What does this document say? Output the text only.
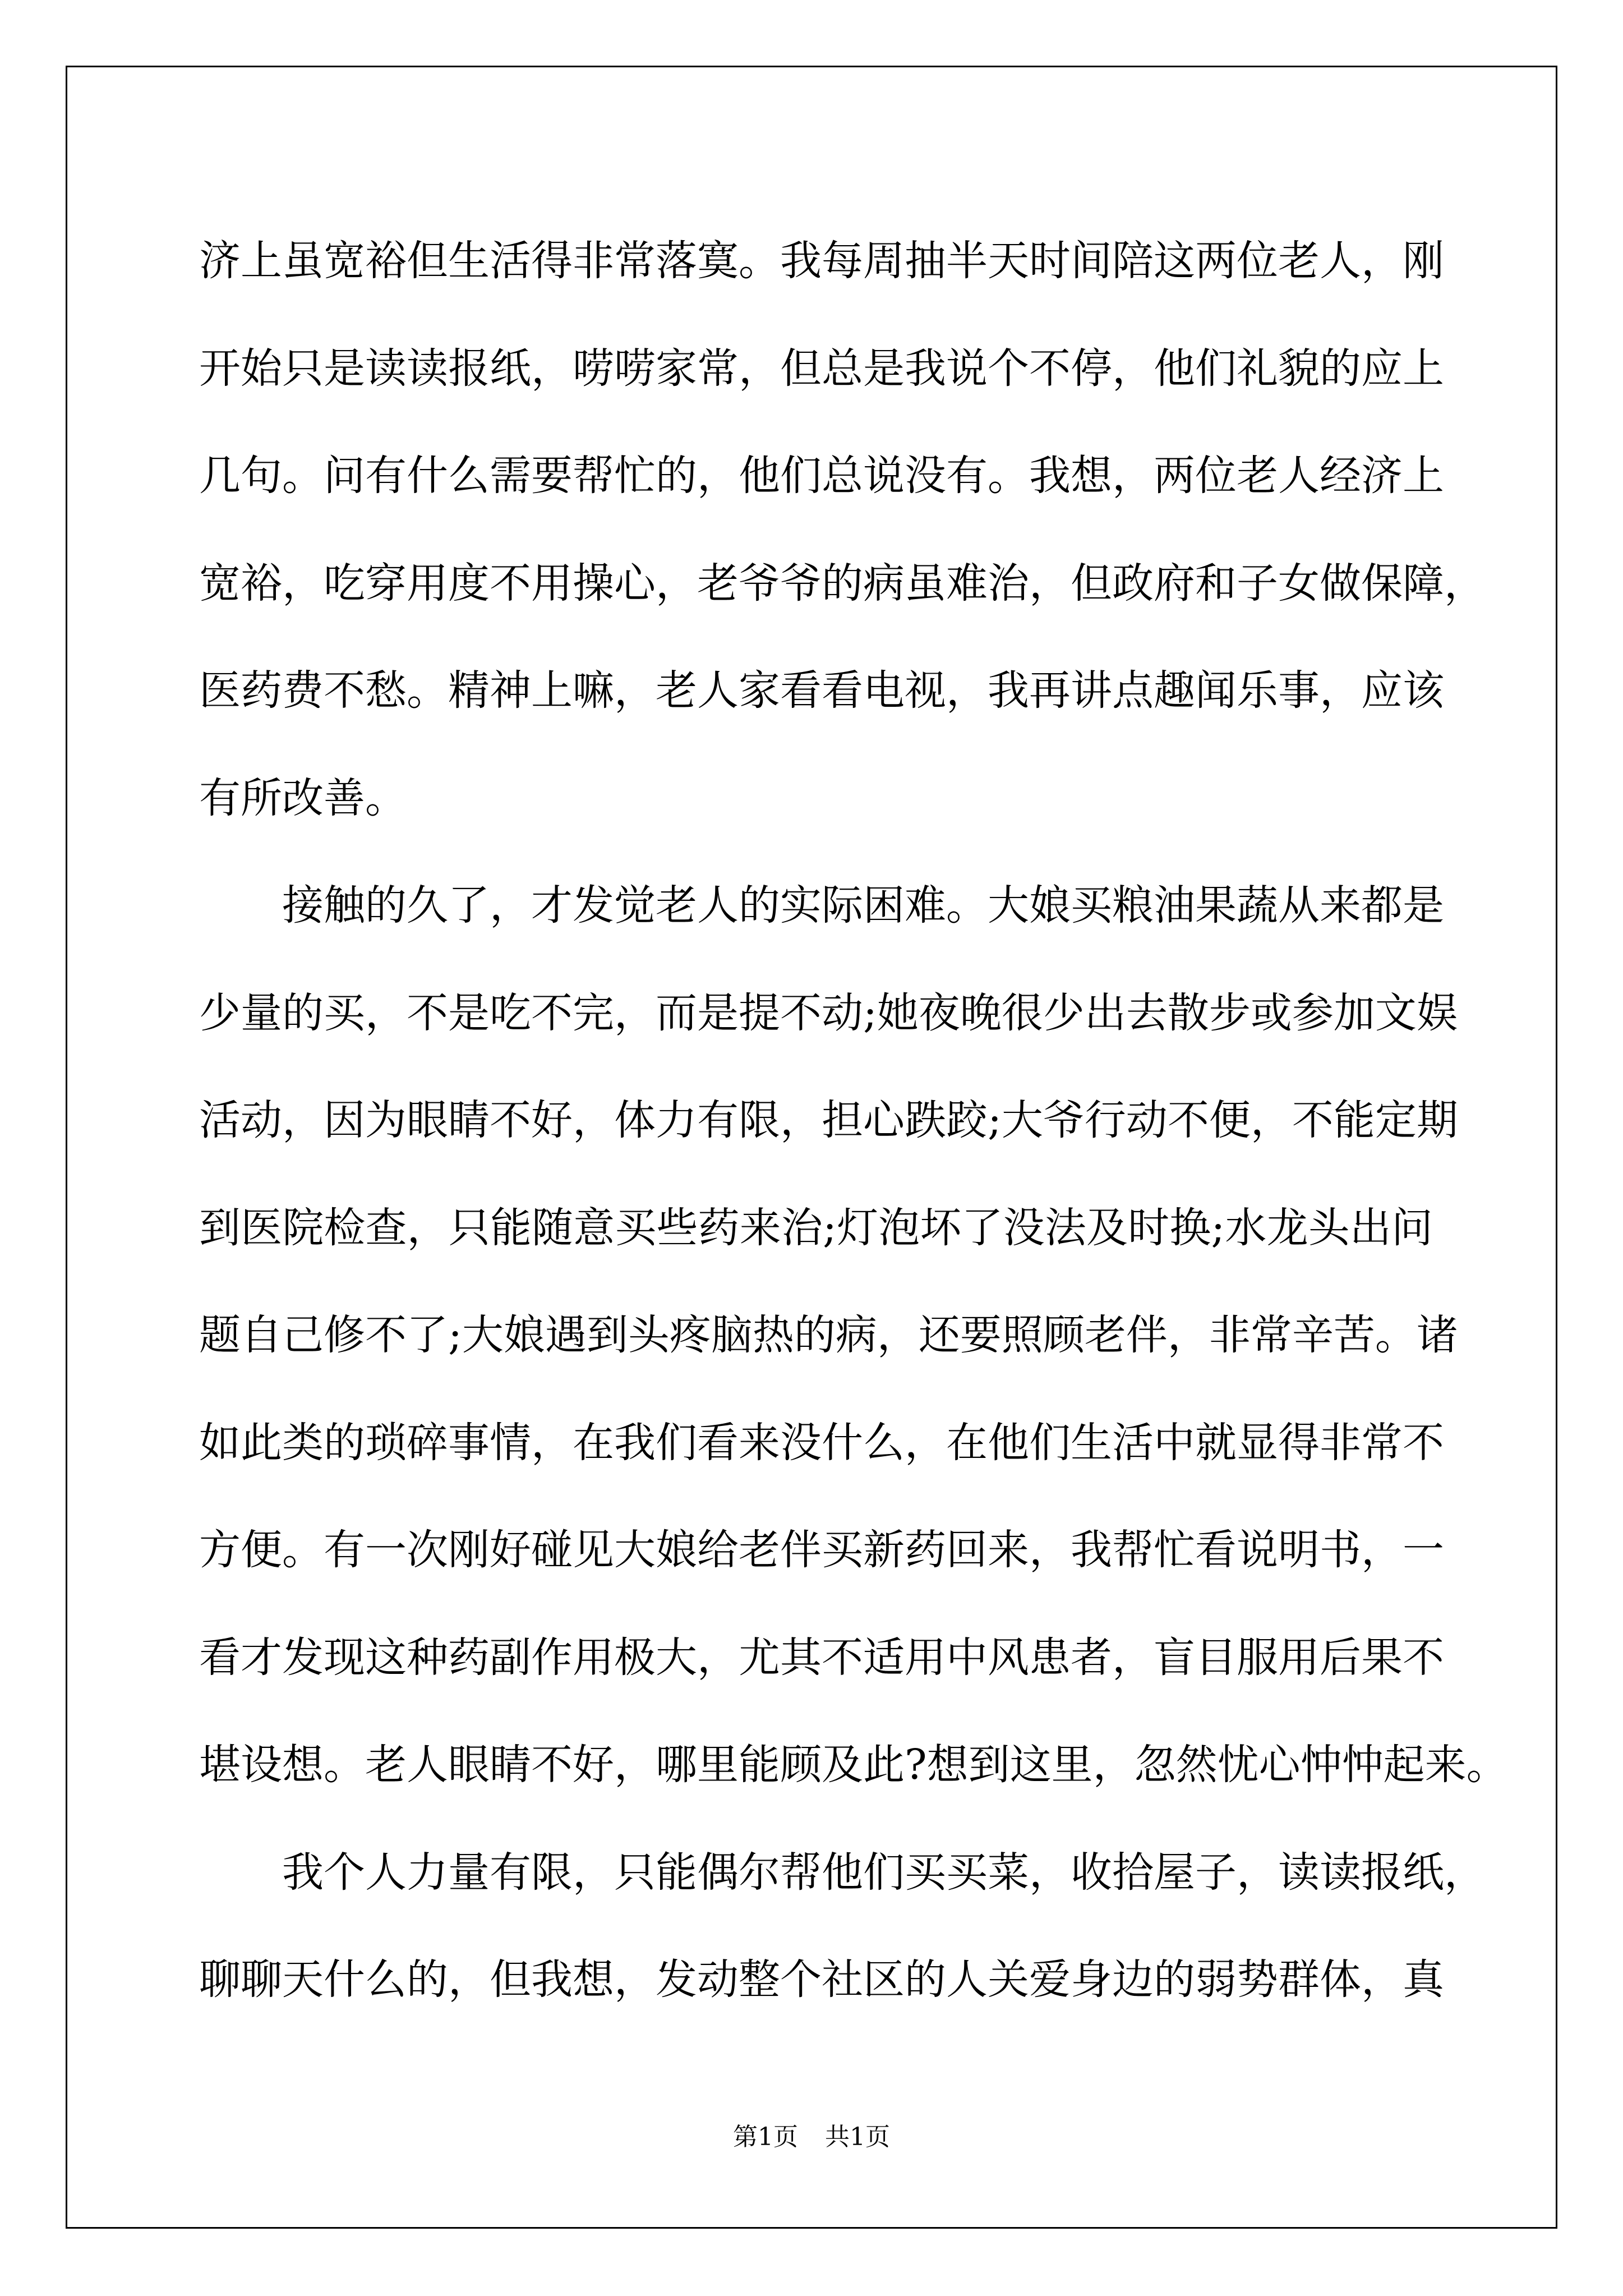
济上虽宽裕但生活得非常落寞。我每周抽半天时间陪这两位老人，刚
开始只是读读报纸，唠唠家常，但总是我说个不停，他们礼貌的应上
几句。问有什么需要帮忙的，他们总说没有。我想，两位老人经济上
宽裕，吃穿用度不用操心，老爷爷的病虽难治，但政府和子女做保障，
医药费不愁。精神上嘛，老人家看看电视，我再讲点趣闻乐事，应该
有所改善。
接触的久了，才发觉老人的实际困难。大娘买粮油果蔬从来都是
少量的买，不是吃不完，而是提不动;她夜晚很少出去散步或参加文娱
活动，因为眼睛不好，体力有限，担心跌跤;大爷行动不便，不能定期
到医院检查，只能随意买些药来治;灯泡坏了没法及时换;水龙头出问
题自己修不了;大娘遇到头疼脑热的病，还要照顾老伴，非常辛苦。诸
如此类的琐碎事情，在我们看来没什么，在他们生活中就显得非常不
方便。有一次刚好碰见大娘给老伴买新药回来，我帮忙看说明书，一
看才发现这种药副作用极大，尤其不适用中风患者，盲目服用后果不
堪设想。老人眼睛不好，哪里能顾及此?想到这里，忽然忧心忡忡起来。
我个人力量有限，只能偶尔帮他们买买菜，收拾屋子，读读报纸，
聊聊天什么的，但我想，发动整个社区的人关爱身边的弱势群体，真
第1页 共1页
